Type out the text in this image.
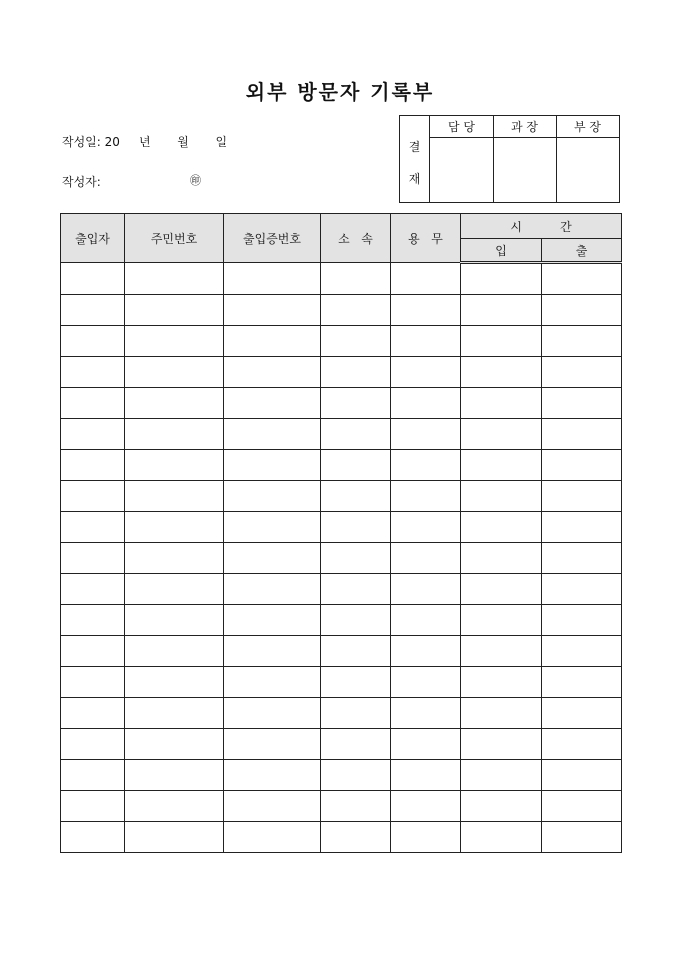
외부 방문자 기록부
작성일: 20     년       월       일
작성자:	㊞
결
재
담 당	과 장	부 장
출입자	주민번호	출입증번호	소   속	용   무	시          간	
					입	출
